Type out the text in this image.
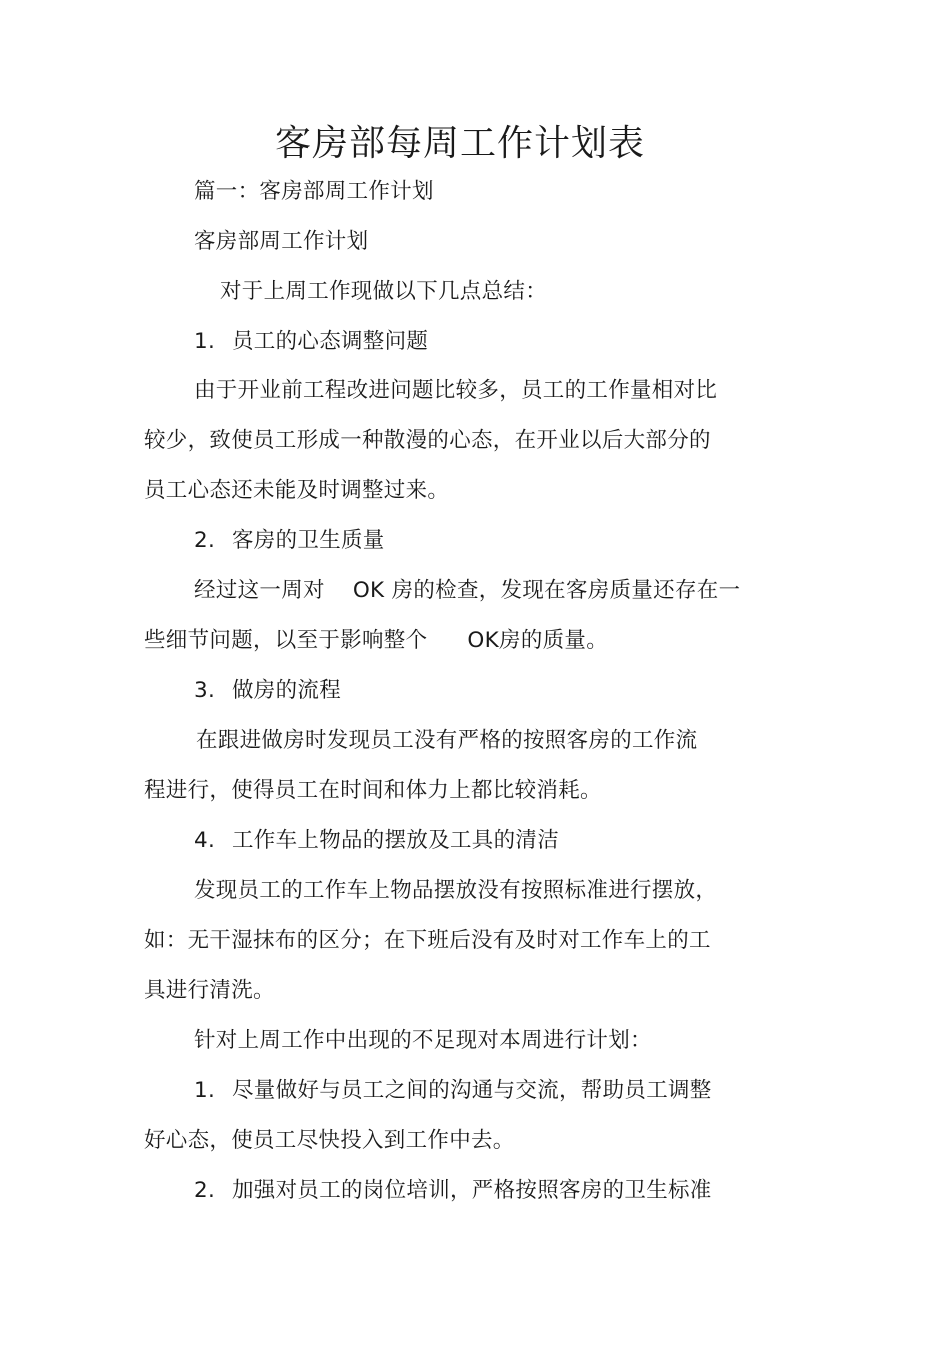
客房部每周工作计划表
篇一：客房部周工作计划
客房部周工作计划
对于上周工作现做以下几点总结：
1. 员工的心态调整问题
由于开业前工程改进问题比较多，员工的工作量相对比
较少，致使员工形成一种散漫的心态，在开业以后大部分的
员工心态还未能及时调整过来。
2. 客房的卫生质量
经过这一周对 OK 房的检查，发现在客房质量还存在一
些细节问题，以至于影响整个 OK房的质量。
3. 做房的流程
在跟进做房时发现员工没有严格的按照客房的工作流
程进行，使得员工在时间和体力上都比较消耗。
4. 工作车上物品的摆放及工具的清洁
发现员工的工作车上物品摆放没有按照标准进行摆放，
如：无干湿抹布的区分；在下班后没有及时对工作车上的工
具进行清洗。
针对上周工作中出现的不足现对本周进行计划：
1. 尽量做好与员工之间的沟通与交流，帮助员工调整
好心态，使员工尽快投入到工作中去。
2. 加强对员工的岗位培训，严格按照客房的卫生标准
